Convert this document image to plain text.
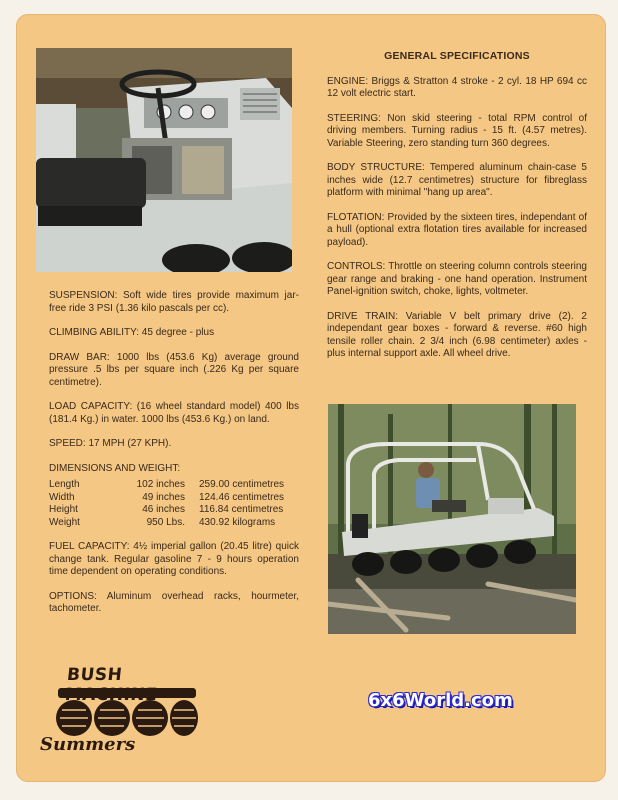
SUSPENSION: Soft wide tires provide maximum jar-free ride 3 PSI (1.36 kilo pascals per cc).

CLIMBING ABILITY: 45 degree - plus

DRAW BAR: 1000 lbs (453.6 Kg) average ground pressure .5 lbs per square inch (.226 Kg per square centimetre).

LOAD CAPACITY: (16 wheel standard model) 400 lbs (181.4 Kg.) in water. 1000 lbs (453.6 Kg.) on land.

SPEED: 17 MPH (27 KPH).

DIMENSIONS AND WEIGHT:

Length	102 inches	259.00 centimetres
Width	49 inches	124.46 centimetres
Height	46 inches	116.84 centimetres
Weight	950 Lbs.	430.92 kilograms

FUEL CAPACITY: 4½ imperial gallon (20.45 litre) quick change tank. Regular gasoline 7 - 9 hours operation time dependent on operating conditions.

OPTIONS: Aluminum overhead racks, hourmeter, tachometer.

GENERAL SPECIFICATIONS

ENGINE: Briggs & Stratton 4 stroke - 2 cyl. 18 HP 694 cc 12 volt electric start.

STEERING: Non skid steering - total RPM control of driving members. Turning radius - 15 ft. (4.57 metres). Variable Steering, zero standing turn 360 degrees.

BODY STRUCTURE: Tempered aluminum chain-case 5 inches wide (12.7 centimetres) structure for fibreglass platform with minimal "hang up area".

FLOTATION: Provided by the sixteen tires, independant of a hull (optional extra flotation tires available for increased payload).

CONTROLS: Throttle on steering column controls steering gear range and braking - one hand operation. Instrument Panel-ignition switch, choke, lights, voltmeter.

DRIVE TRAIN: Variable V belt primary drive (2). 2 independant gear boxes - forward & reverse. #60 high tensile roller chain. 2 3/4 inch (6.98 centimeter) axles - plus internal support axle. All wheel drive.

BUSH
Summers
6x6World.com
